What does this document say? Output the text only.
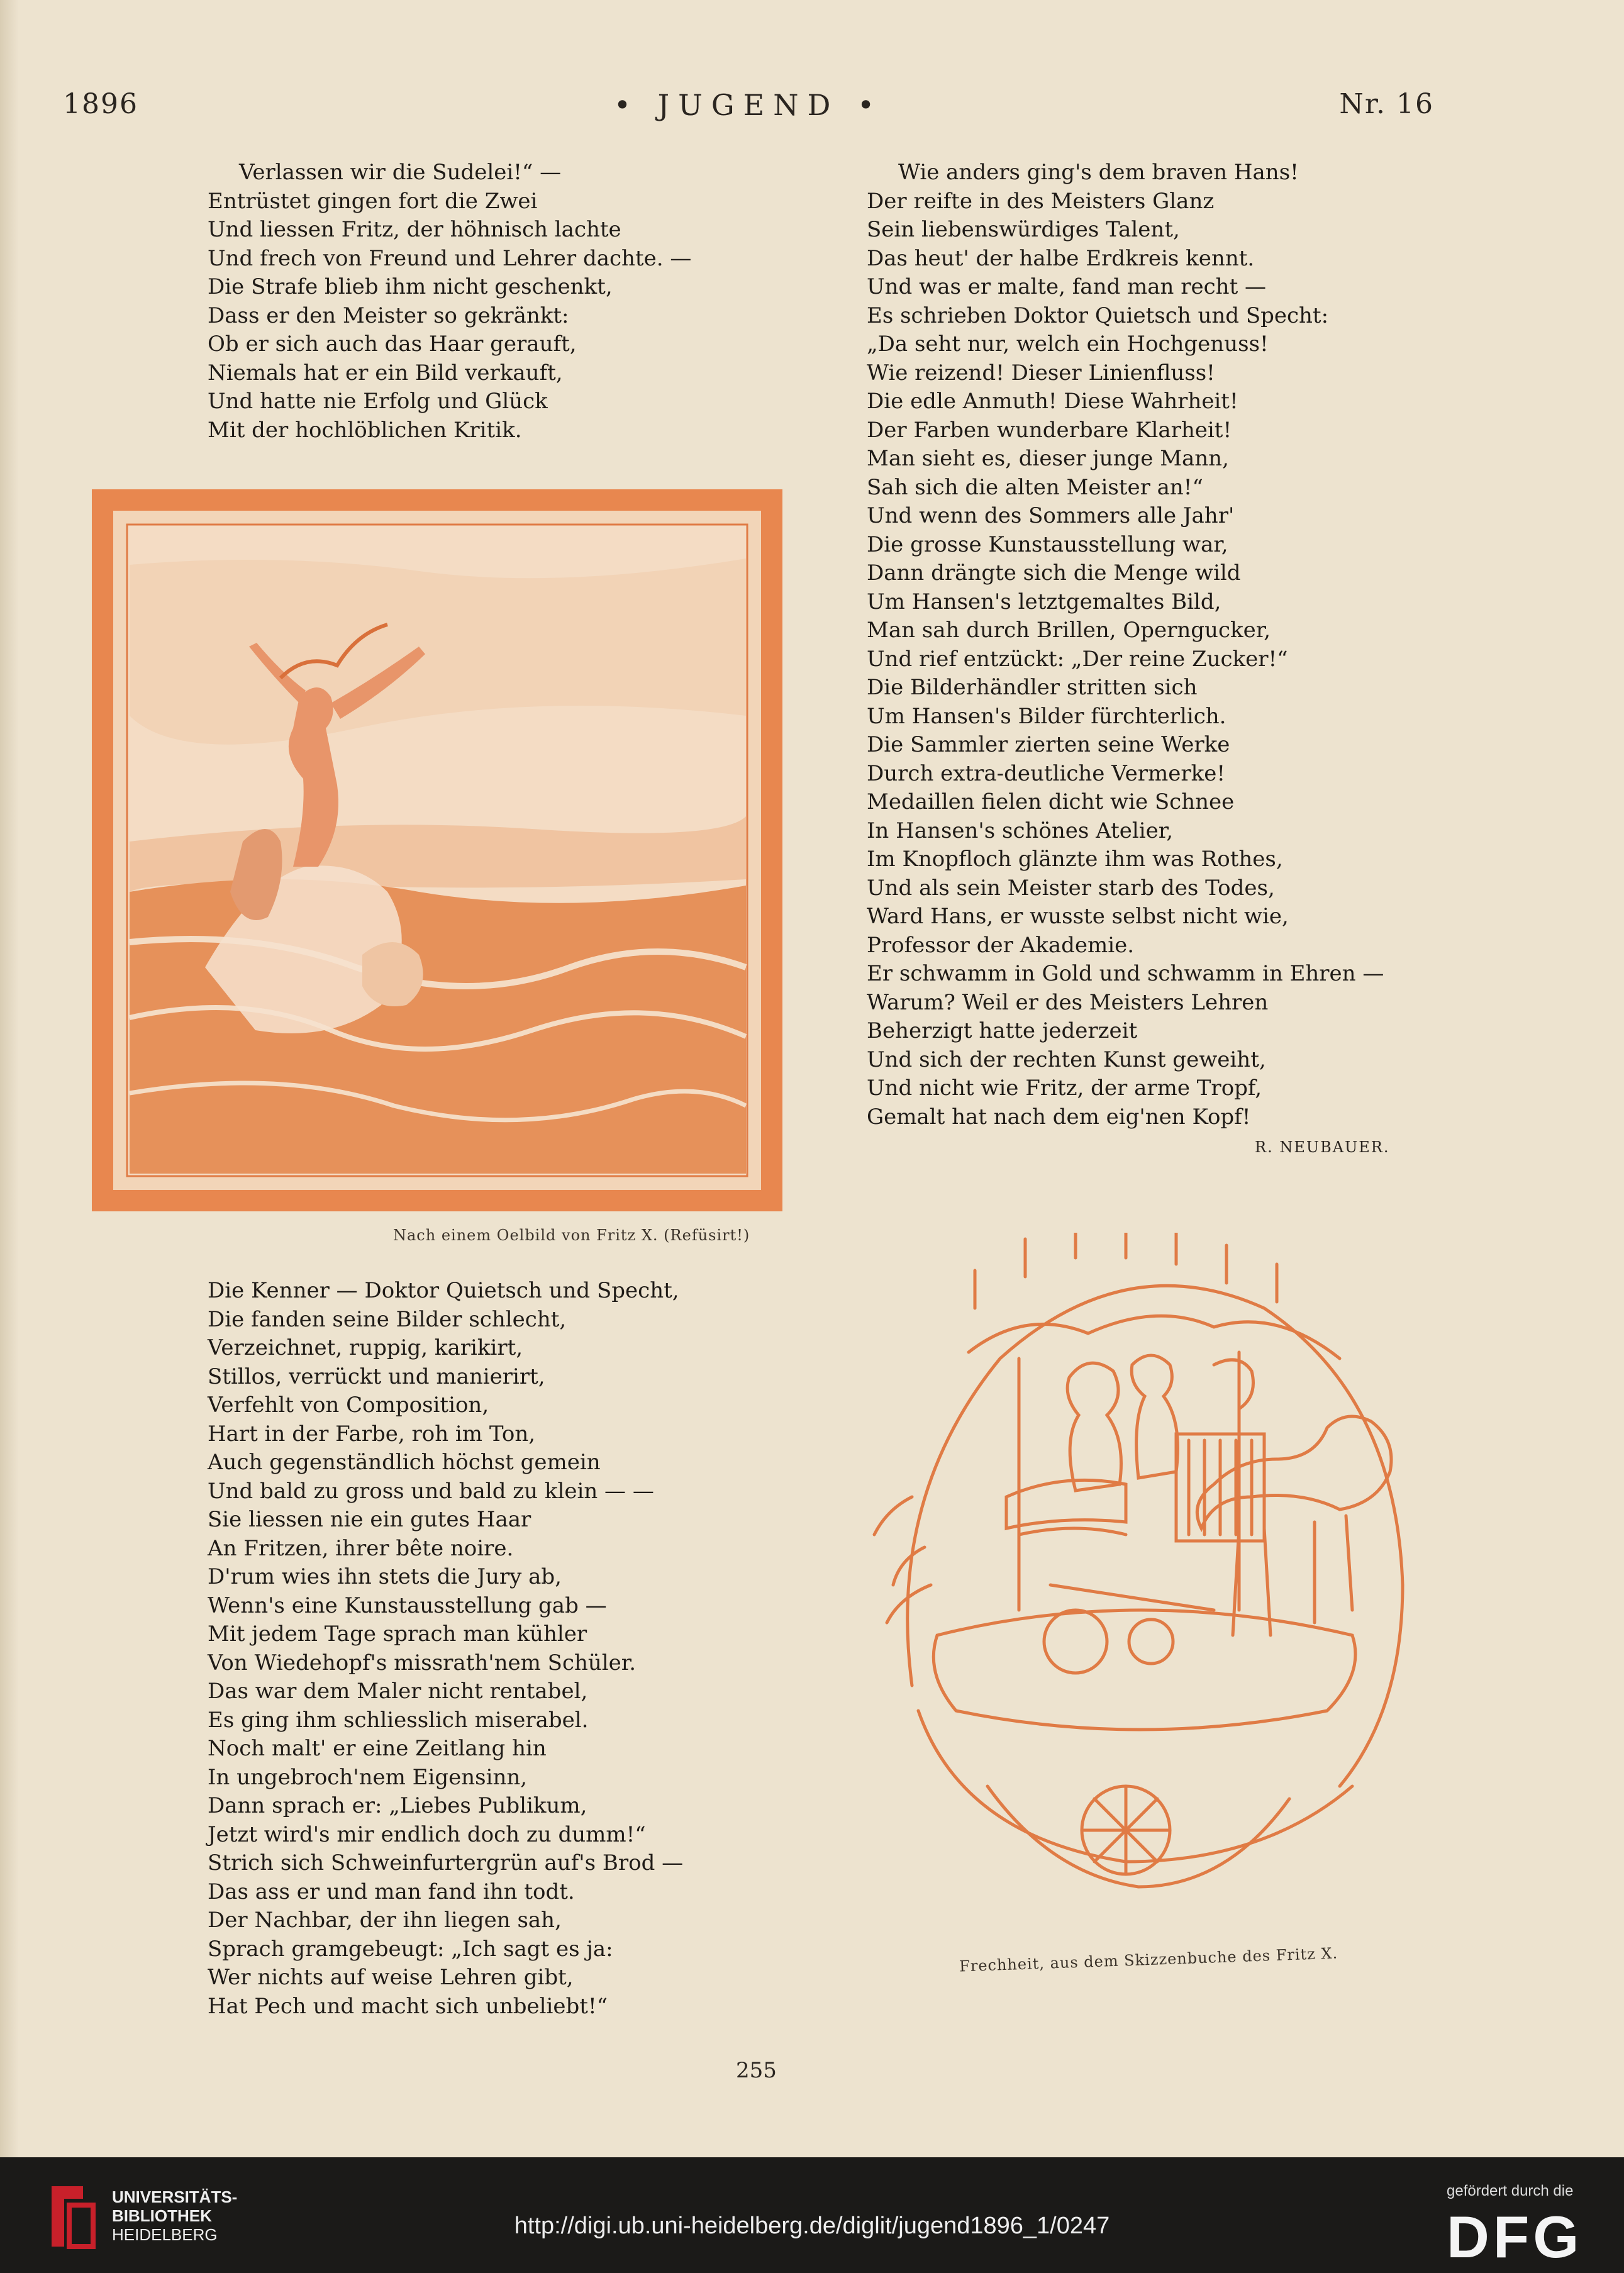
1896	• JUGEND •	Nr. 16
Verlassen wir die Sudelei!“ —
Entrüstet gingen fort die Zwei
Und liessen Fritz, der höhnisch lachte
Und frech von Freund und Lehrer dachte. —
Die Strafe blieb ihm nicht geschenkt,
Dass er den Meister so gekränkt:
Ob er sich auch das Haar gerauft,
Niemals hat er ein Bild verkauft,
Und hatte nie Erfolg und Glück
Mit der hochlöblichen Kritik.
Wie anders ging's dem braven Hans!
Der reifte in des Meisters Glanz
Sein liebenswürdiges Talent,
Das heut' der halbe Erdkreis kennt.
Und was er malte, fand man recht —
Es schrieben Doktor Quietsch und Specht:
„Da seht nur, welch ein Hochgenuss!
Wie reizend! Dieser Linienfluss!
Die edle Anmuth! Diese Wahrheit!
Der Farben wunderbare Klarheit!
Man sieht es, dieser junge Mann,
Sah sich die alten Meister an!“
Und wenn des Sommers alle Jahr'
Die grosse Kunstausstellung war,
Dann drängte sich die Menge wild
Um Hansen's letztgemaltes Bild,
Man sah durch Brillen, Operngucker,
Und rief entzückt: „Der reine Zucker!“
Die Bilderhändler stritten sich
Um Hansen's Bilder fürchterlich.
Die Sammler zierten seine Werke
Durch extra-deutliche Vermerke!
Medaillen fielen dicht wie Schnee
In Hansen's schönes Atelier,
Im Knopfloch glänzte ihm was Rothes,
Und als sein Meister starb des Todes,
Ward Hans, er wusste selbst nicht wie,
Professor der Akademie.
Er schwamm in Gold und schwamm in Ehren —
Warum? Weil er des Meisters Lehren
Beherzigt hatte jederzeit
Und sich der rechten Kunst geweiht,
Und nicht wie Fritz, der arme Tropf,
Gemalt hat nach dem eig'nen Kopf!
R. NEUBAUER.
Nach einem Oelbild von Fritz X. (Refüsirt!)
Die Kenner — Doktor Quietsch und Specht,
Die fanden seine Bilder schlecht,
Verzeichnet, ruppig, karikirt,
Stillos, verrückt und manierirt,
Verfehlt von Composition,
Hart in der Farbe, roh im Ton,
Auch gegenständlich höchst gemein
Und bald zu gross und bald zu klein — —
Sie liessen nie ein gutes Haar
An Fritzen, ihrer bête noire.
D'rum wies ihn stets die Jury ab,
Wenn's eine Kunstausstellung gab —
Mit jedem Tage sprach man kühler
Von Wiedehopf's missrath'nem Schüler.
Das war dem Maler nicht rentabel,
Es ging ihm schliesslich miserabel.
Noch malt' er eine Zeitlang hin
In ungebroch'nem Eigensinn,
Dann sprach er: „Liebes Publikum,
Jetzt wird's mir endlich doch zu dumm!“
Strich sich Schweinfurtergrün auf's Brod —
Das ass er und man fand ihn todt.
Der Nachbar, der ihn liegen sah,
Sprach gramgebeugt: „Ich sagt es ja:
Wer nichts auf weise Lehren gibt,
Hat Pech und macht sich unbeliebt!“
Frechheit, aus dem Skizzenbuche des Fritz X.
255
UNIVERSITÄTS-
BIBLIOTHEK
HEIDELBERG	http://digi.ub.uni-heidelberg.de/diglit/jugend1896_1/0247
gefördert durch die
DFG
